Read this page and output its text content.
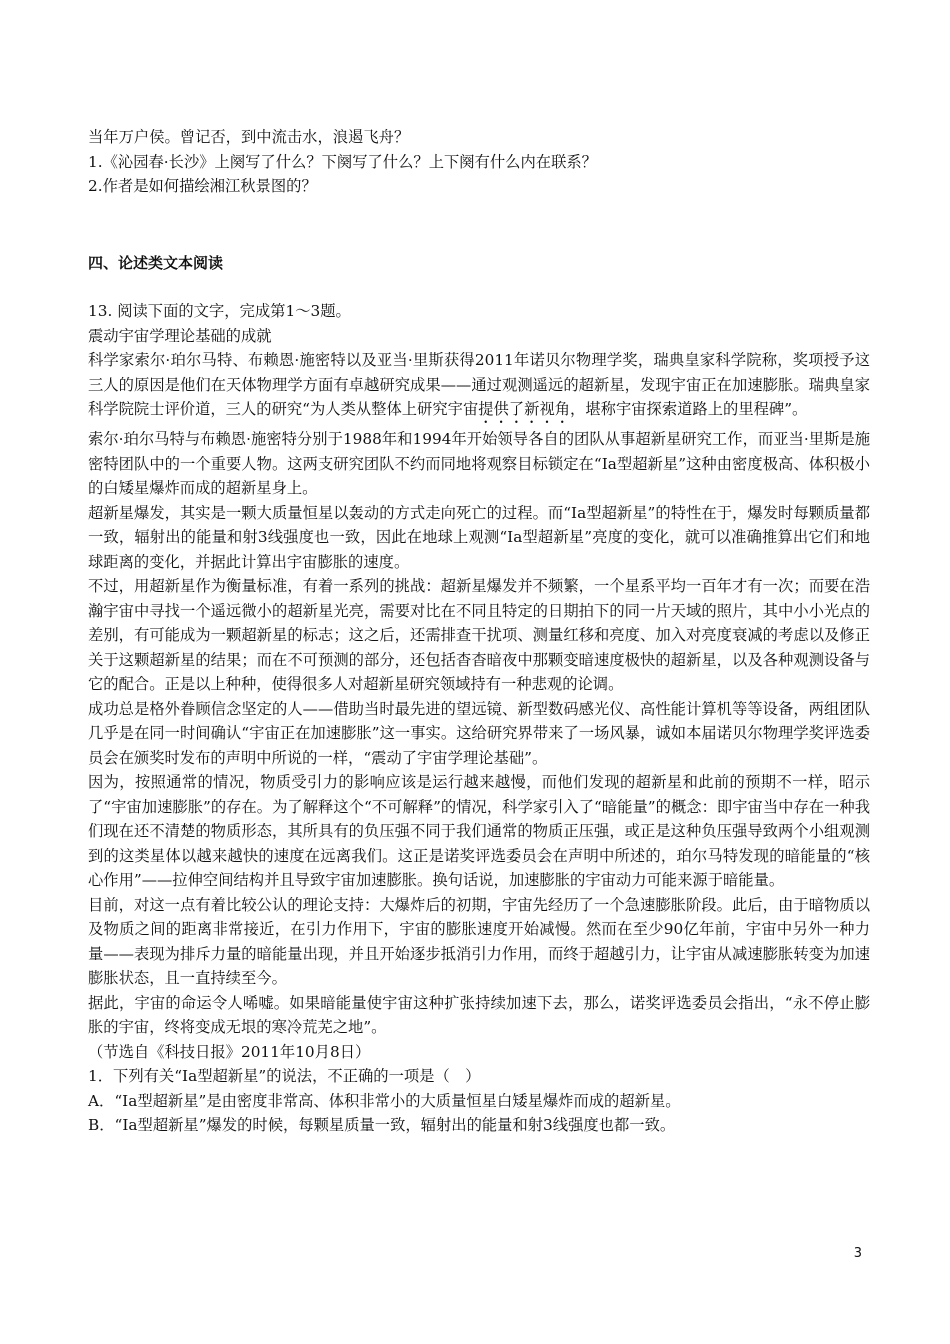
当年万户侯。曾记否，到中流击水，浪遏飞舟？

1.《沁园春·长沙》上阕写了什么？下阕写了什么？上下阕有什么内在联系？

2.作者是如何描绘湘江秋景图的？

四、论述类文本阅读

13. 阅读下面的文字，完成第1～3题。

震动宇宙学理论基础的成就

科学家索尔·珀尔马特、布赖恩·施密特以及亚当·里斯获得2011年诺贝尔物理学奖，瑞典皇家科学院称，奖项授予这三人的原因是他们在天体物理学方面有卓越研究成果——通过观测遥远的超新星，发现宇宙正在加速膨胀。瑞典皇家科学院院士评价道，三人的研究“为人类从整体上研究宇宙提供了新视角，堪称宇宙探索道路上的里程碑”。

索尔·珀尔马特与布赖恩·施密特分别于1988年和1994年开始领导各自的团队从事超新星研究工作，而亚当·里斯是施密特团队中的一个重要人物。这两支研究团队不约而同地将观察目标锁定在“Ia型超新星”这种由密度极高、体积极小的白矮星爆炸而成的超新星身上。

超新星爆发，其实是一颗大质量恒星以轰动的方式走向死亡的过程。而“Ia型超新星”的特性在于，爆发时每颗质量都一致，辐射出的能量和射3线强度也一致，因此在地球上观测“Ia型超新星”亮度的变化，就可以准确推算出它们和地球距离的变化，并据此计算出宇宙膨胀的速度。

不过，用超新星作为衡量标准，有着一系列的挑战：超新星爆发并不频繁，一个星系平均一百年才有一次；而要在浩瀚宇宙中寻找一个遥远微小的超新星光亮，需要对比在不同且特定的日期拍下的同一片天域的照片，其中小小光点的差别，有可能成为一颗超新星的标志；这之后，还需排查干扰项、测量红移和亮度、加入对亮度衰减的考虑以及修正关于这颗超新星的结果；而在不可预测的部分，还包括杳杳暗夜中那颗变暗速度极快的超新星，以及各种观测设备与它的配合。正是以上种种，使得很多人对超新星研究领域持有一种悲观的论调。

成功总是格外眷顾信念坚定的人——借助当时最先进的望远镜、新型数码感光仪、高性能计算机等等设备，两组团队几乎是在同一时间确认“宇宙正在加速膨胀”这一事实。这给研究界带来了一场风暴，诚如本届诺贝尔物理学奖评选委员会在颁奖时发布的声明中所说的一样，“震动了宇宙学理论基础”。

因为，按照通常的情况，物质受引力的影响应该是运行越来越慢，而他们发现的超新星和此前的预期不一样，昭示了“宇宙加速膨胀”的存在。为了解释这个“不可解释”的情况，科学家引入了“暗能量”的概念：即宇宙当中存在一种我们现在还不清楚的物质形态，其所具有的负压强不同于我们通常的物质正压强，或正是这种负压强导致两个小组观测到的这类星体以越来越快的速度在远离我们。这正是诺奖评选委员会在声明中所述的，珀尔马特发现的暗能量的“核心作用”——拉伸空间结构并且导致宇宙加速膨胀。换句话说，加速膨胀的宇宙动力可能来源于暗能量。

目前，对这一点有着比较公认的理论支持：大爆炸后的初期，宇宙先经历了一个急速膨胀阶段。此后，由于暗物质以及物质之间的距离非常接近，在引力作用下，宇宙的膨胀速度开始减慢。然而在至少90亿年前，宇宙中另外一种力量——表现为排斥力量的暗能量出现，并且开始逐步抵消引力作用，而终于超越引力，让宇宙从减速膨胀转变为加速膨胀状态，且一直持续至今。

据此，宇宙的命运令人唏嘘。如果暗能量使宇宙这种扩张持续加速下去，那么，诺奖评选委员会指出，“永不停止膨胀的宇宙，终将变成无垠的寒冷荒芜之地”。

（节选自《科技日报》2011年10月8日）

1．下列有关“Ia型超新星”的说法，不正确的一项是（　）

A．“Ia型超新星”是由密度非常高、体积非常小的大质量恒星白矮星爆炸而成的超新星。

B．“Ia型超新星”爆发的时候，每颗星质量一致，辐射出的能量和射3线强度也都一致。

3
